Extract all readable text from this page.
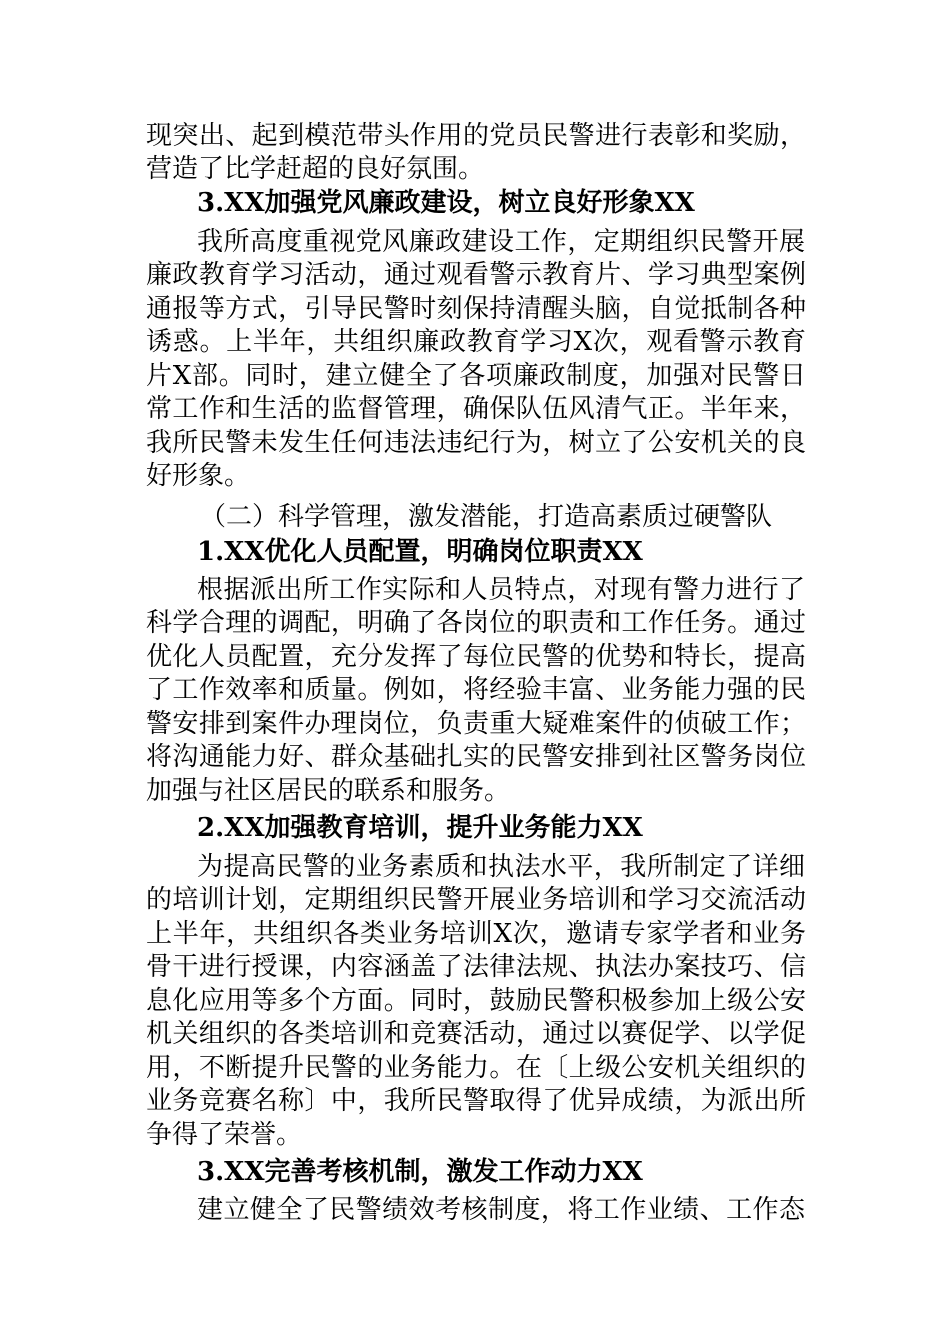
现突出、起到模范带头作用的党员民警进行表彰和奖励，
营造了比学赶超的良好氛围。
3.XX加强党风廉政建设，树立良好形象XX
我所高度重视党风廉政建设工作，定期组织民警开展
廉政教育学习活动，通过观看警示教育片、学习典型案例
通报等方式，引导民警时刻保持清醒头脑，自觉抵制各种
诱惑。上半年，共组织廉政教育学习X次，观看警示教育
片X部。同时，建立健全了各项廉政制度，加强对民警日
常工作和生活的监督管理，确保队伍风清气正。半年来，
我所民警未发生任何违法违纪行为，树立了公安机关的良
好形象。
（二）科学管理，激发潜能，打造高素质过硬警队
1.XX优化人员配置，明确岗位职责XX
根据派出所工作实际和人员特点，对现有警力进行了
科学合理的调配，明确了各岗位的职责和工作任务。通过
优化人员配置，充分发挥了每位民警的优势和特长，提高
了工作效率和质量。例如，将经验丰富、业务能力强的民
警安排到案件办理岗位，负责重大疑难案件的侦破工作；
将沟通能力好、群众基础扎实的民警安排到社区警务岗位
加强与社区居民的联系和服务。
2.XX加强教育培训，提升业务能力XX
为提高民警的业务素质和执法水平，我所制定了详细
的培训计划，定期组织民警开展业务培训和学习交流活动
上半年，共组织各类业务培训X次，邀请专家学者和业务
骨干进行授课，内容涵盖了法律法规、执法办案技巧、信
息化应用等多个方面。同时，鼓励民警积极参加上级公安
机关组织的各类培训和竞赛活动，通过以赛促学、以学促
用，不断提升民警的业务能力。在〔上级公安机关组织的
业务竞赛名称〕中，我所民警取得了优异成绩，为派出所
争得了荣誉。
3.XX完善考核机制，激发工作动力XX
建立健全了民警绩效考核制度，将工作业绩、工作态
